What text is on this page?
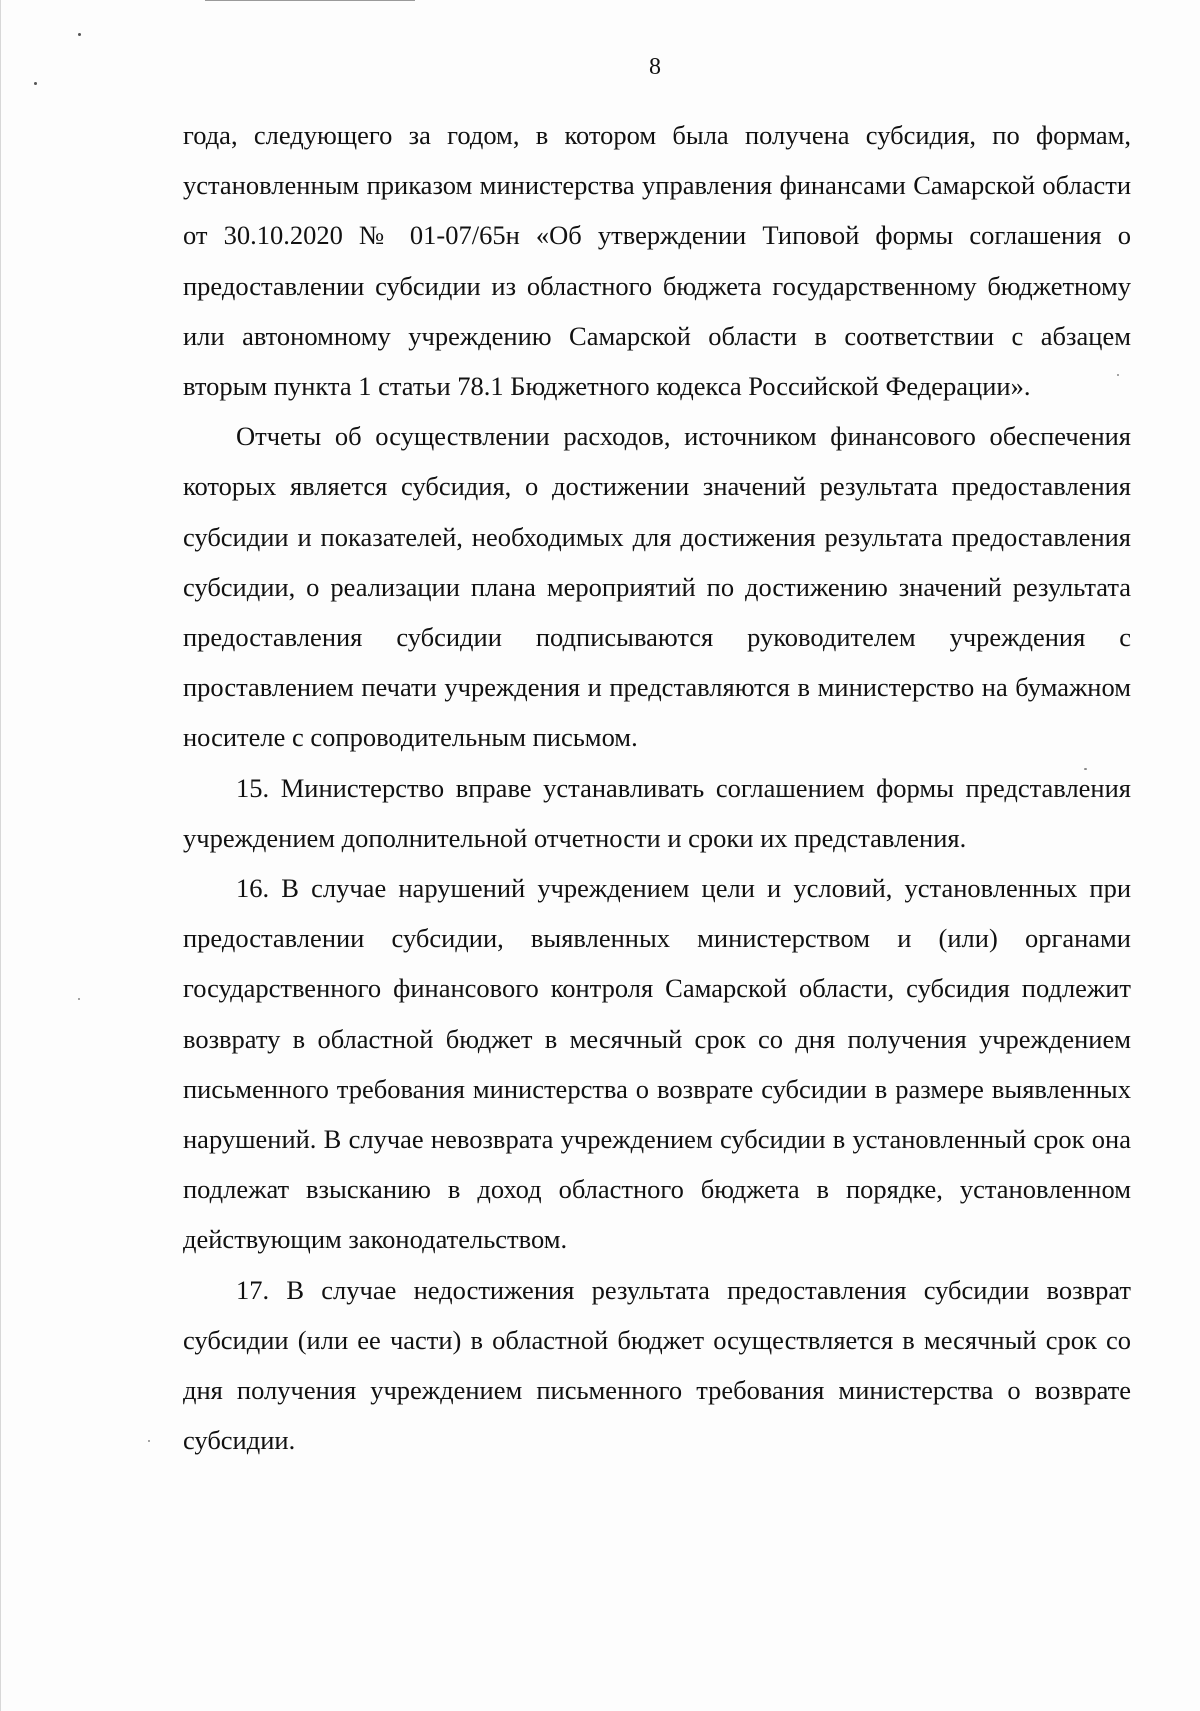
8

года, следующего за годом, в котором была получена субсидия, по формам, установленным приказом министерства управления финансами Самарской области от 30.10.2020 № 01-07/65н «Об утверждении Типовой формы соглашения о предоставлении субсидии из областного бюджета государственному бюджетному или автономному учреждению Самарской области в соответствии с абзацем вторым пункта 1 статьи 78.1 Бюджетного кодекса Российской Федерации».

Отчеты об осуществлении расходов, источником финансового обеспечения которых является субсидия, о достижении значений результата предоставления субсидии и показателей, необходимых для достижения результата предоставления субсидии, о реализации плана мероприятий по достижению значений результата предоставления субсидии подписываются руководителем учреждения с проставлением печати учреждения и представляются в министерство на бумажном носителе с сопроводительным письмом.

15. Министерство вправе устанавливать соглашением формы представления учреждением дополнительной отчетности и сроки их представления.

16. В случае нарушений учреждением цели и условий, установленных при предоставлении субсидии, выявленных министерством и (или) органами государственного финансового контроля Самарской области, субсидия подлежит возврату в областной бюджет в месячный срок со дня получения учреждением письменного требования министерства о возврате субсидии в размере выявленных нарушений. В случае невозврата учреждением субсидии в установленный срок она подлежат взысканию в доход областного бюджета в порядке, установленном действующим законодательством.

17. В случае недостижения результата предоставления субсидии возврат субсидии (или ее части) в областной бюджет осуществляется в месячный срок со дня получения учреждением письменного требования министерства о возврате субсидии.
